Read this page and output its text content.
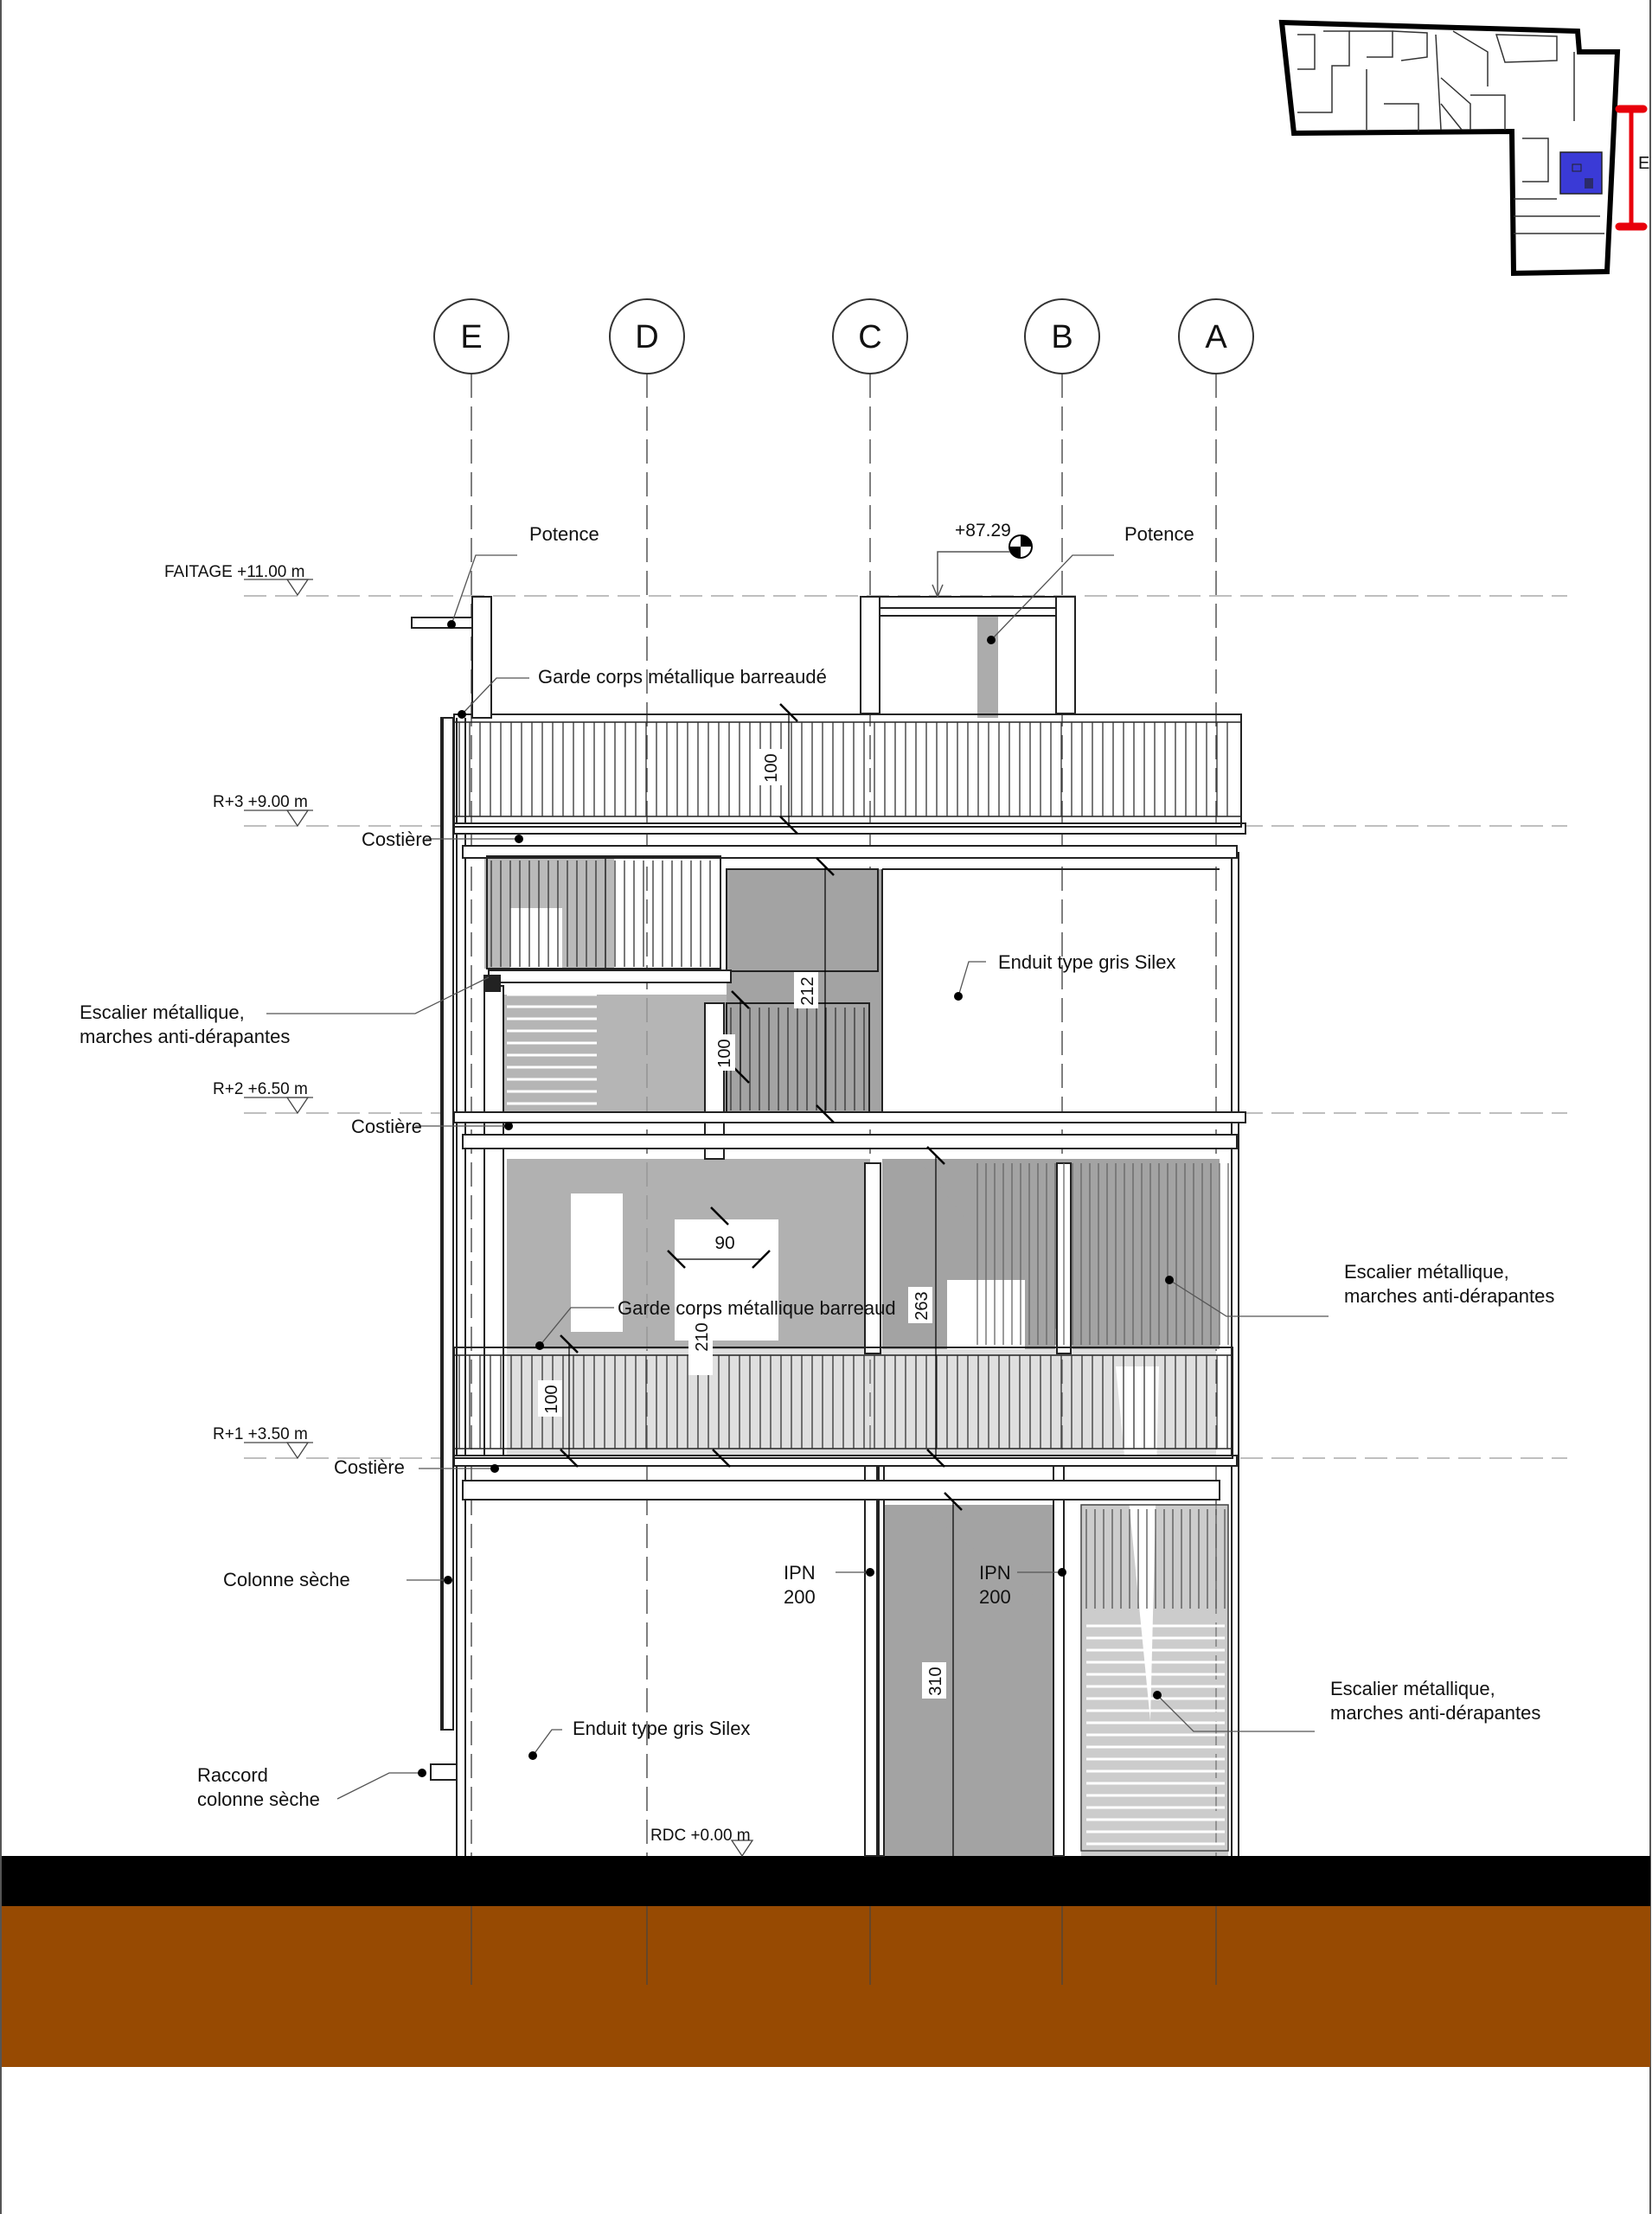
E
E	D	C	B	A
FAITAGE +11.00 m
R+3 +9.00 m
R+2 +6.50 m
R+1 +3.50 m
RDC +0.00 m
100
212
100
90
263
210
100
310
+87.29
Potence	Potence
Garde corps métallique barreaudé
Costière
Enduit type gris Silex
Escalier métallique,
marches anti-dérapantes
Costière
Escalier métallique,
marches anti-dérapantes
Garde corps métallique barreaud
Costière
Colonne sèche	IPN
200
IPN
200
Escalier métallique,
marches anti-dérapantes
Enduit type gris Silex
Raccord
colonne sèche
